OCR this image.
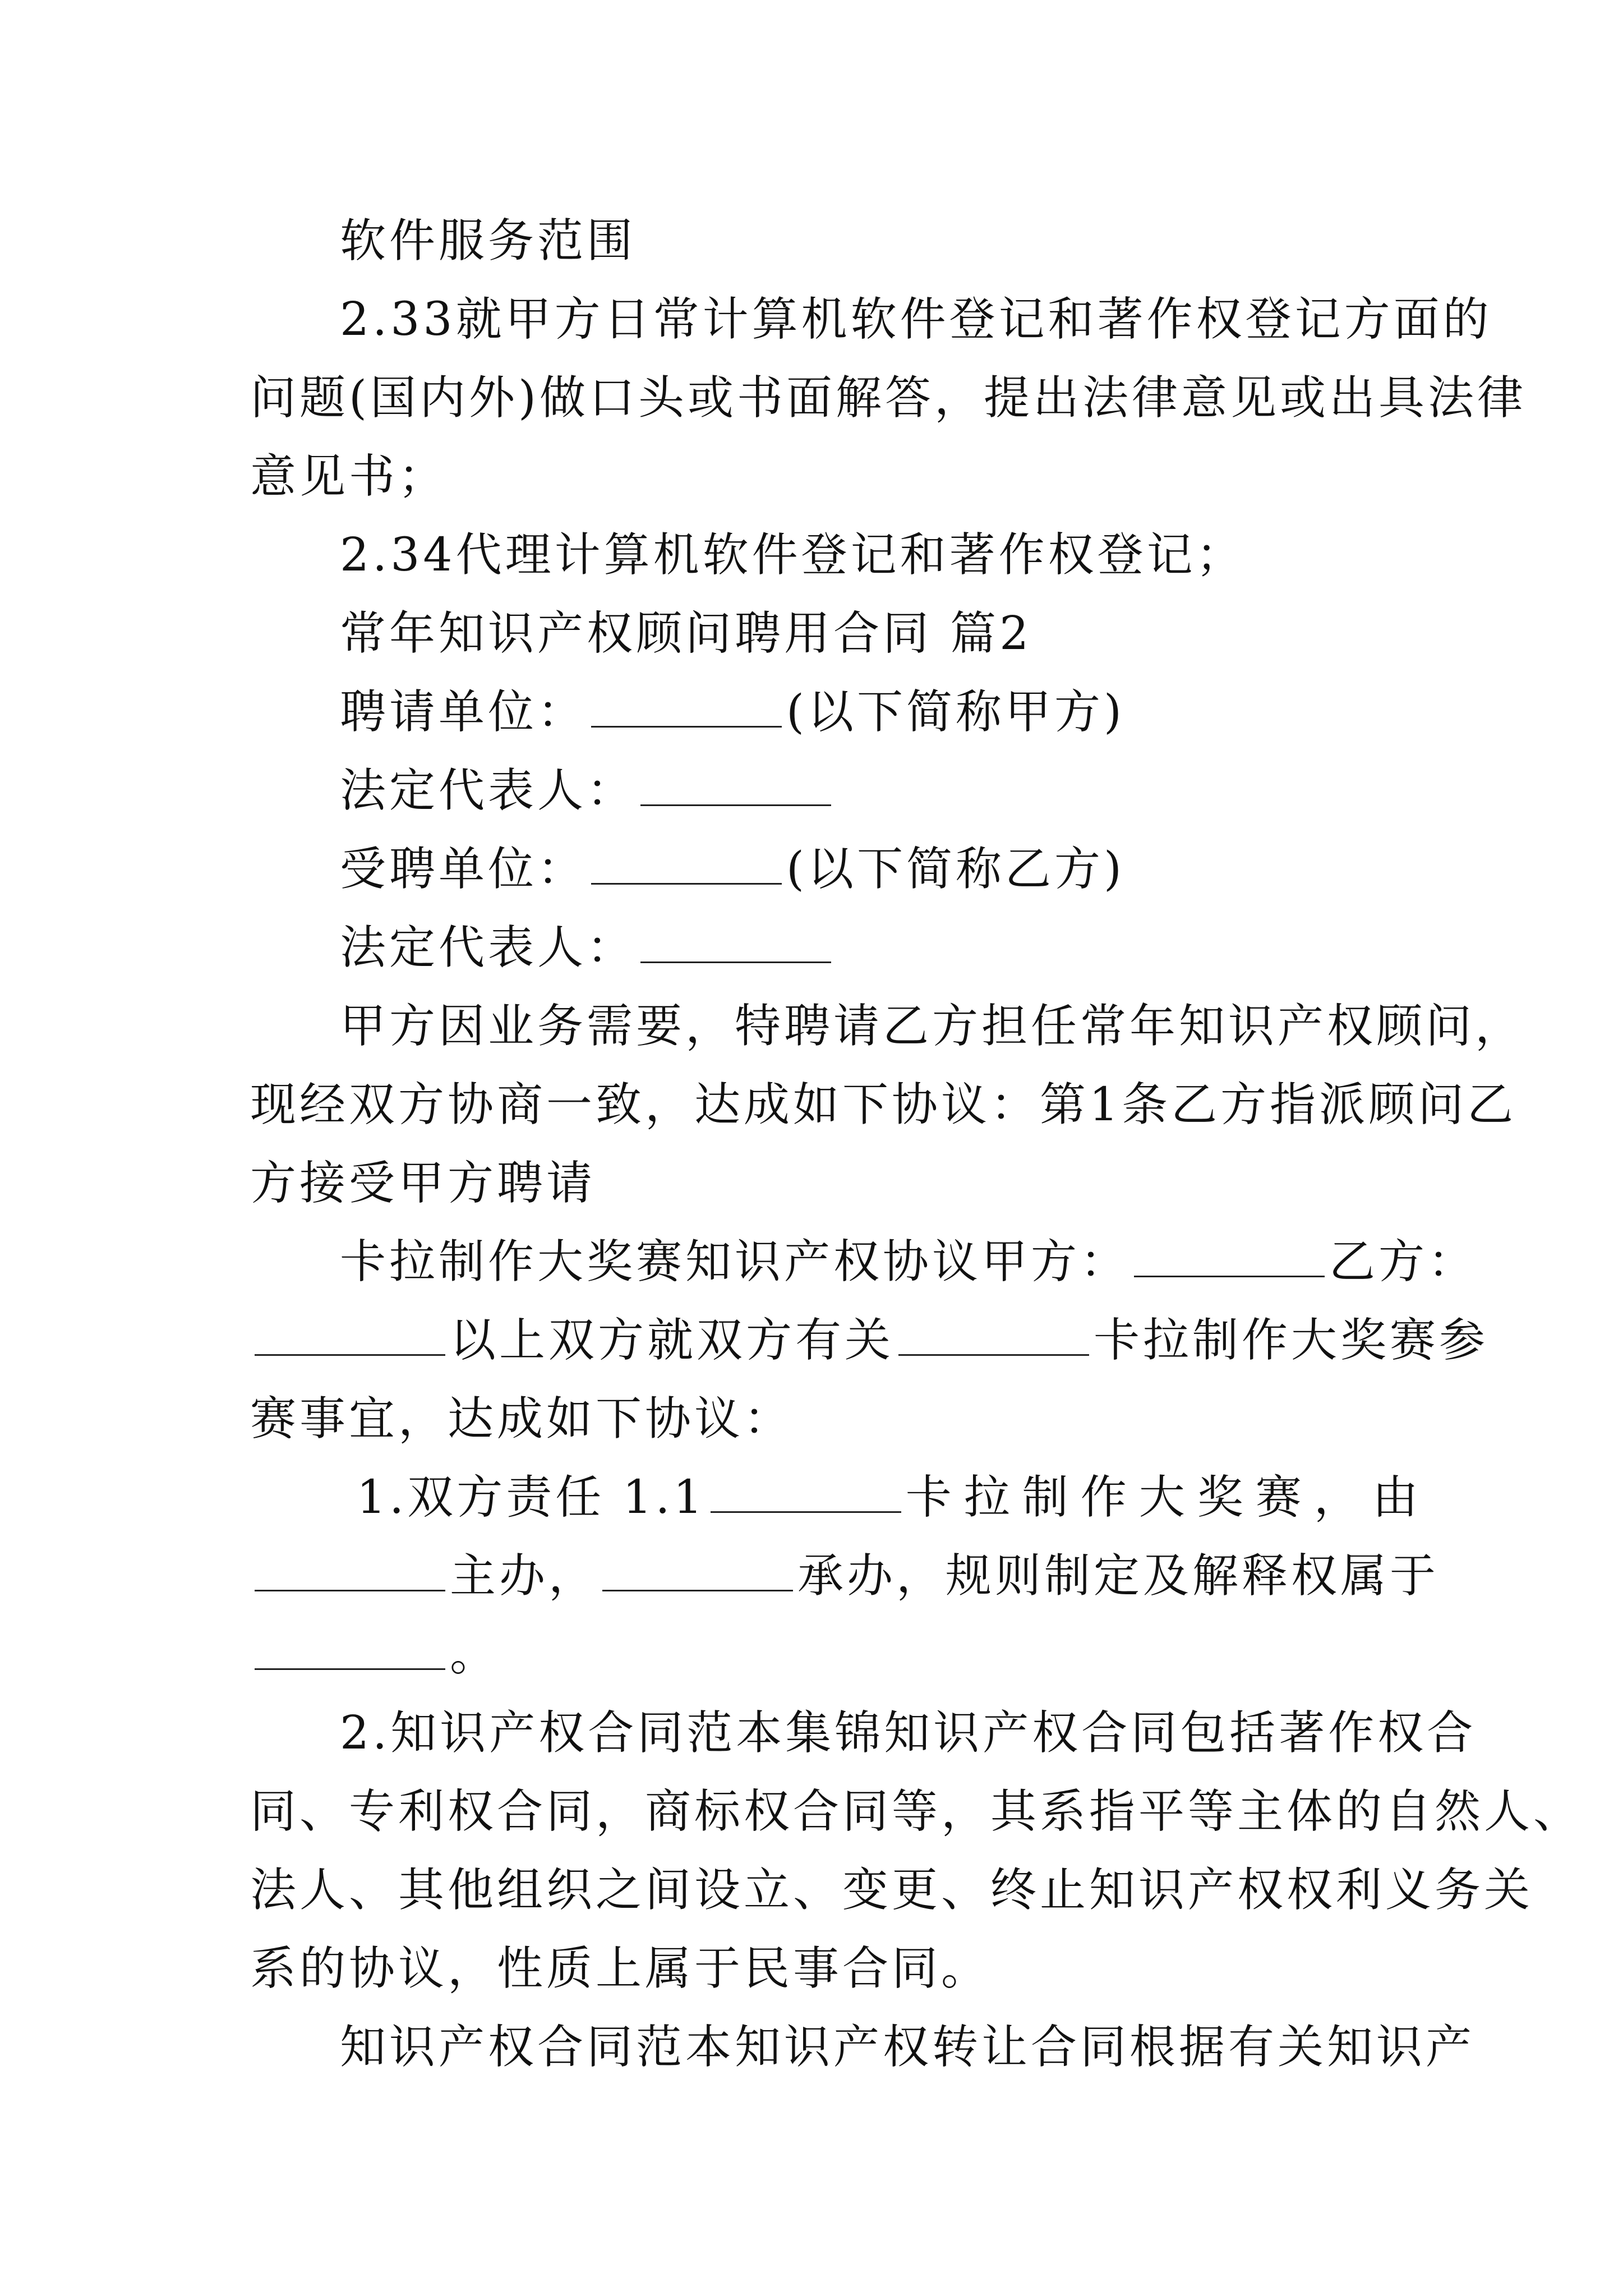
软件服务范围
2.33就甲方日常计算机软件登记和著作权登记方面的
问题(国内外)做口头或书面解答，提出法律意见或出具法律
意见书；
2.34代理计算机软件登记和著作权登记；
常年知识产权顾问聘用合同 篇2
聘请单位：	(以下简称甲方)
法定代表人：
受聘单位：	(以下简称乙方)
法定代表人：
甲方因业务需要，特聘请乙方担任常年知识产权顾问，
现经双方协商一致，达成如下协议：第1条乙方指派顾问乙
方接受甲方聘请
卡拉制作大奖赛知识产权协议甲方：	乙方：
以上双方就双方有关	卡拉制作大奖赛参
赛事宜，达成如下协议：
1.双方责任 1.1	卡拉制作大奖赛，由
主办，	承办，规则制定及解释权属于
。
2.知识产权合同范本集锦知识产权合同包括著作权合
同、专利权合同，商标权合同等，其系指平等主体的自然人、
法人、其他组织之间设立、变更、终止知识产权权利义务关
系的协议，性质上属于民事合同。
知识产权合同范本知识产权转让合同根据有关知识产
